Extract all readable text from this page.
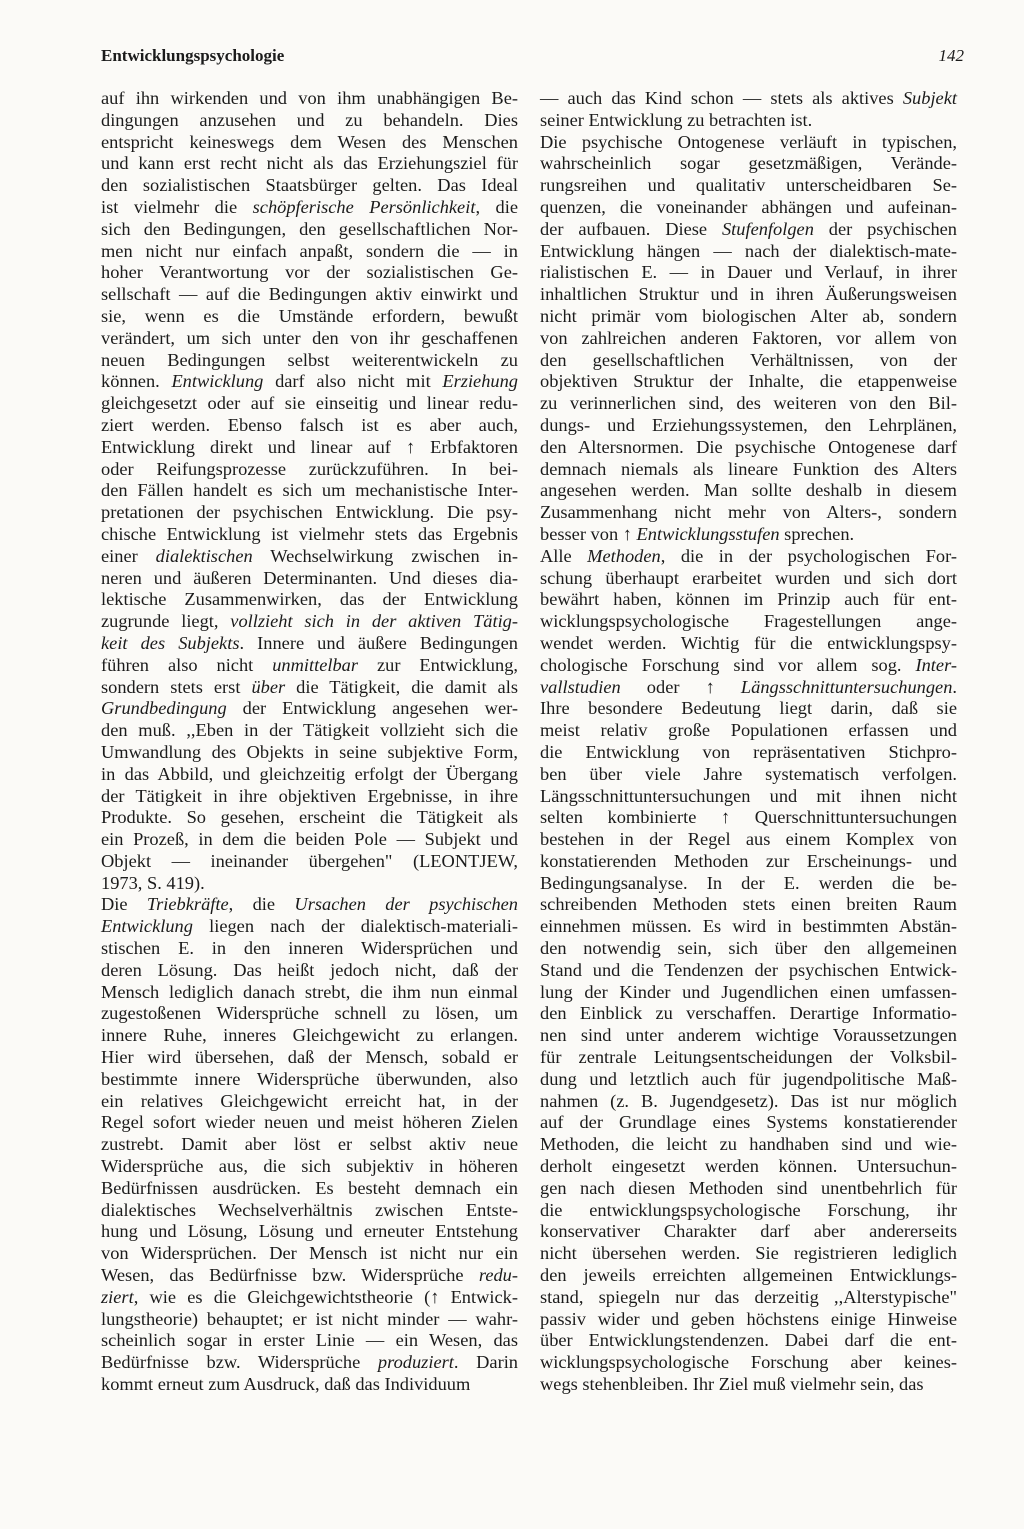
Entwicklungspsychologie	142

auf ihn wirkenden und von ihm unabhängigen Be-
dingungen anzusehen und zu behandeln. Dies
entspricht keineswegs dem Wesen des Menschen
und kann erst recht nicht als das Erziehungsziel für
den sozialistischen Staatsbürger gelten. Das Ideal
ist vielmehr die schöpferische Persönlichkeit, die
sich den Bedingungen, den gesellschaftlichen Nor-
men nicht nur einfach anpaßt, sondern die — in
hoher Verantwortung vor der sozialistischen Ge-
sellschaft — auf die Bedingungen aktiv einwirkt und
sie, wenn es die Umstände erfordern, bewußt
verändert, um sich unter den von ihr geschaffenen
neuen Bedingungen selbst weiterentwickeln zu
können. Entwicklung darf also nicht mit Erziehung
gleichgesetzt oder auf sie einseitig und linear redu-
ziert werden. Ebenso falsch ist es aber auch,
Entwicklung direkt und linear auf ↑ Erbfaktoren
oder Reifungsprozesse zurückzuführen. In bei-
den Fällen handelt es sich um mechanistische Inter-
pretationen der psychischen Entwicklung. Die psy-
chische Entwicklung ist vielmehr stets das Ergebnis
einer dialektischen Wechselwirkung zwischen in-
neren und äußeren Determinanten. Und dieses dia-
lektische Zusammenwirken, das der Entwicklung
zugrunde liegt, vollzieht sich in der aktiven Tätig-
keit des Subjekts. Innere und äußere Bedingungen
führen also nicht unmittelbar zur Entwicklung,
sondern stets erst über die Tätigkeit, die damit als
Grundbedingung der Entwicklung angesehen wer-
den muß. ,,Eben in der Tätigkeit vollzieht sich die
Umwandlung des Objekts in seine subjektive Form,
in das Abbild, und gleichzeitig erfolgt der Übergang
der Tätigkeit in ihre objektiven Ergebnisse, in ihre
Produkte. So gesehen, erscheint die Tätigkeit als
ein Prozeß, in dem die beiden Pole — Subjekt und
Objekt — ineinander übergehen" (LEONTJEW,
1973, S. 419).

Die Triebkräfte, die Ursachen der psychischen
Entwicklung liegen nach der dialektisch-materiali-
stischen E. in den inneren Widersprüchen und
deren Lösung. Das heißt jedoch nicht, daß der
Mensch lediglich danach strebt, die ihm nun einmal
zugestoßenen Widersprüche schnell zu lösen, um
innere Ruhe, inneres Gleichgewicht zu erlangen.
Hier wird übersehen, daß der Mensch, sobald er
bestimmte innere Widersprüche überwunden, also
ein relatives Gleichgewicht erreicht hat, in der
Regel sofort wieder neuen und meist höheren Zielen
zustrebt. Damit aber löst er selbst aktiv neue
Widersprüche aus, die sich subjektiv in höheren
Bedürfnissen ausdrücken. Es besteht demnach ein
dialektisches Wechselverhältnis zwischen Entste-
hung und Lösung, Lösung und erneuter Entstehung
von Widersprüchen. Der Mensch ist nicht nur ein
Wesen, das Bedürfnisse bzw. Widersprüche redu-
ziert, wie es die Gleichgewichtstheorie (↑ Entwick-
lungstheorie) behauptet; er ist nicht minder — wahr-
scheinlich sogar in erster Linie — ein Wesen, das
Bedürfnisse bzw. Widersprüche produziert. Darin
kommt erneut zum Ausdruck, daß das Individuum

— auch das Kind schon — stets als aktives Subjekt
seiner Entwicklung zu betrachten ist.

Die psychische Ontogenese verläuft in typischen,
wahrscheinlich sogar gesetzmäßigen, Verände-
rungsreihen und qualitativ unterscheidbaren Se-
quenzen, die voneinander abhängen und aufeinan-
der aufbauen. Diese Stufenfolgen der psychischen
Entwicklung hängen — nach der dialektisch-mate-
rialistischen E. — in Dauer und Verlauf, in ihrer
inhaltlichen Struktur und in ihren Äußerungsweisen
nicht primär vom biologischen Alter ab, sondern
von zahlreichen anderen Faktoren, vor allem von
den gesellschaftlichen Verhältnissen, von der
objektiven Struktur der Inhalte, die etappenweise
zu verinnerlichen sind, des weiteren von den Bil-
dungs- und Erziehungssystemen, den Lehrplänen,
den Altersnormen. Die psychische Ontogenese darf
demnach niemals als lineare Funktion des Alters
angesehen werden. Man sollte deshalb in diesem
Zusammenhang nicht mehr von Alters-, sondern
besser von ↑ Entwicklungsstufen sprechen.

Alle Methoden, die in der psychologischen For-
schung überhaupt erarbeitet wurden und sich dort
bewährt haben, können im Prinzip auch für ent-
wicklungspsychologische Fragestellungen ange-
wendet werden. Wichtig für die entwicklungspsy-
chologische Forschung sind vor allem sog. Inter-
vallstudien oder ↑ Längsschnittuntersuchungen.
Ihre besondere Bedeutung liegt darin, daß sie
meist relativ große Populationen erfassen und
die Entwicklung von repräsentativen Stichpro-
ben über viele Jahre systematisch verfolgen.
Längsschnittuntersuchungen und mit ihnen nicht
selten kombinierte ↑ Querschnittuntersuchungen
bestehen in der Regel aus einem Komplex von
konstatierenden Methoden zur Erscheinungs- und
Bedingungsanalyse. In der E. werden die be-
schreibenden Methoden stets einen breiten Raum
einnehmen müssen. Es wird in bestimmten Abstän-
den notwendig sein, sich über den allgemeinen
Stand und die Tendenzen der psychischen Entwick-
lung der Kinder und Jugendlichen einen umfassen-
den Einblick zu verschaffen. Derartige Informatio-
nen sind unter anderem wichtige Voraussetzungen
für zentrale Leitungsentscheidungen der Volksbil-
dung und letztlich auch für jugendpolitische Maß-
nahmen (z. B. Jugendgesetz). Das ist nur möglich
auf der Grundlage eines Systems konstatierender
Methoden, die leicht zu handhaben sind und wie-
derholt eingesetzt werden können. Untersuchun-
gen nach diesen Methoden sind unentbehrlich für
die entwicklungspsychologische Forschung, ihr
konservativer Charakter darf aber andererseits
nicht übersehen werden. Sie registrieren lediglich
den jeweils erreichten allgemeinen Entwicklungs-
stand, spiegeln nur das derzeitig ,,Alterstypische"
passiv wider und geben höchstens einige Hinweise
über Entwicklungstendenzen. Dabei darf die ent-
wicklungspsychologische Forschung aber keines-
wegs stehenbleiben. Ihr Ziel muß vielmehr sein, das
